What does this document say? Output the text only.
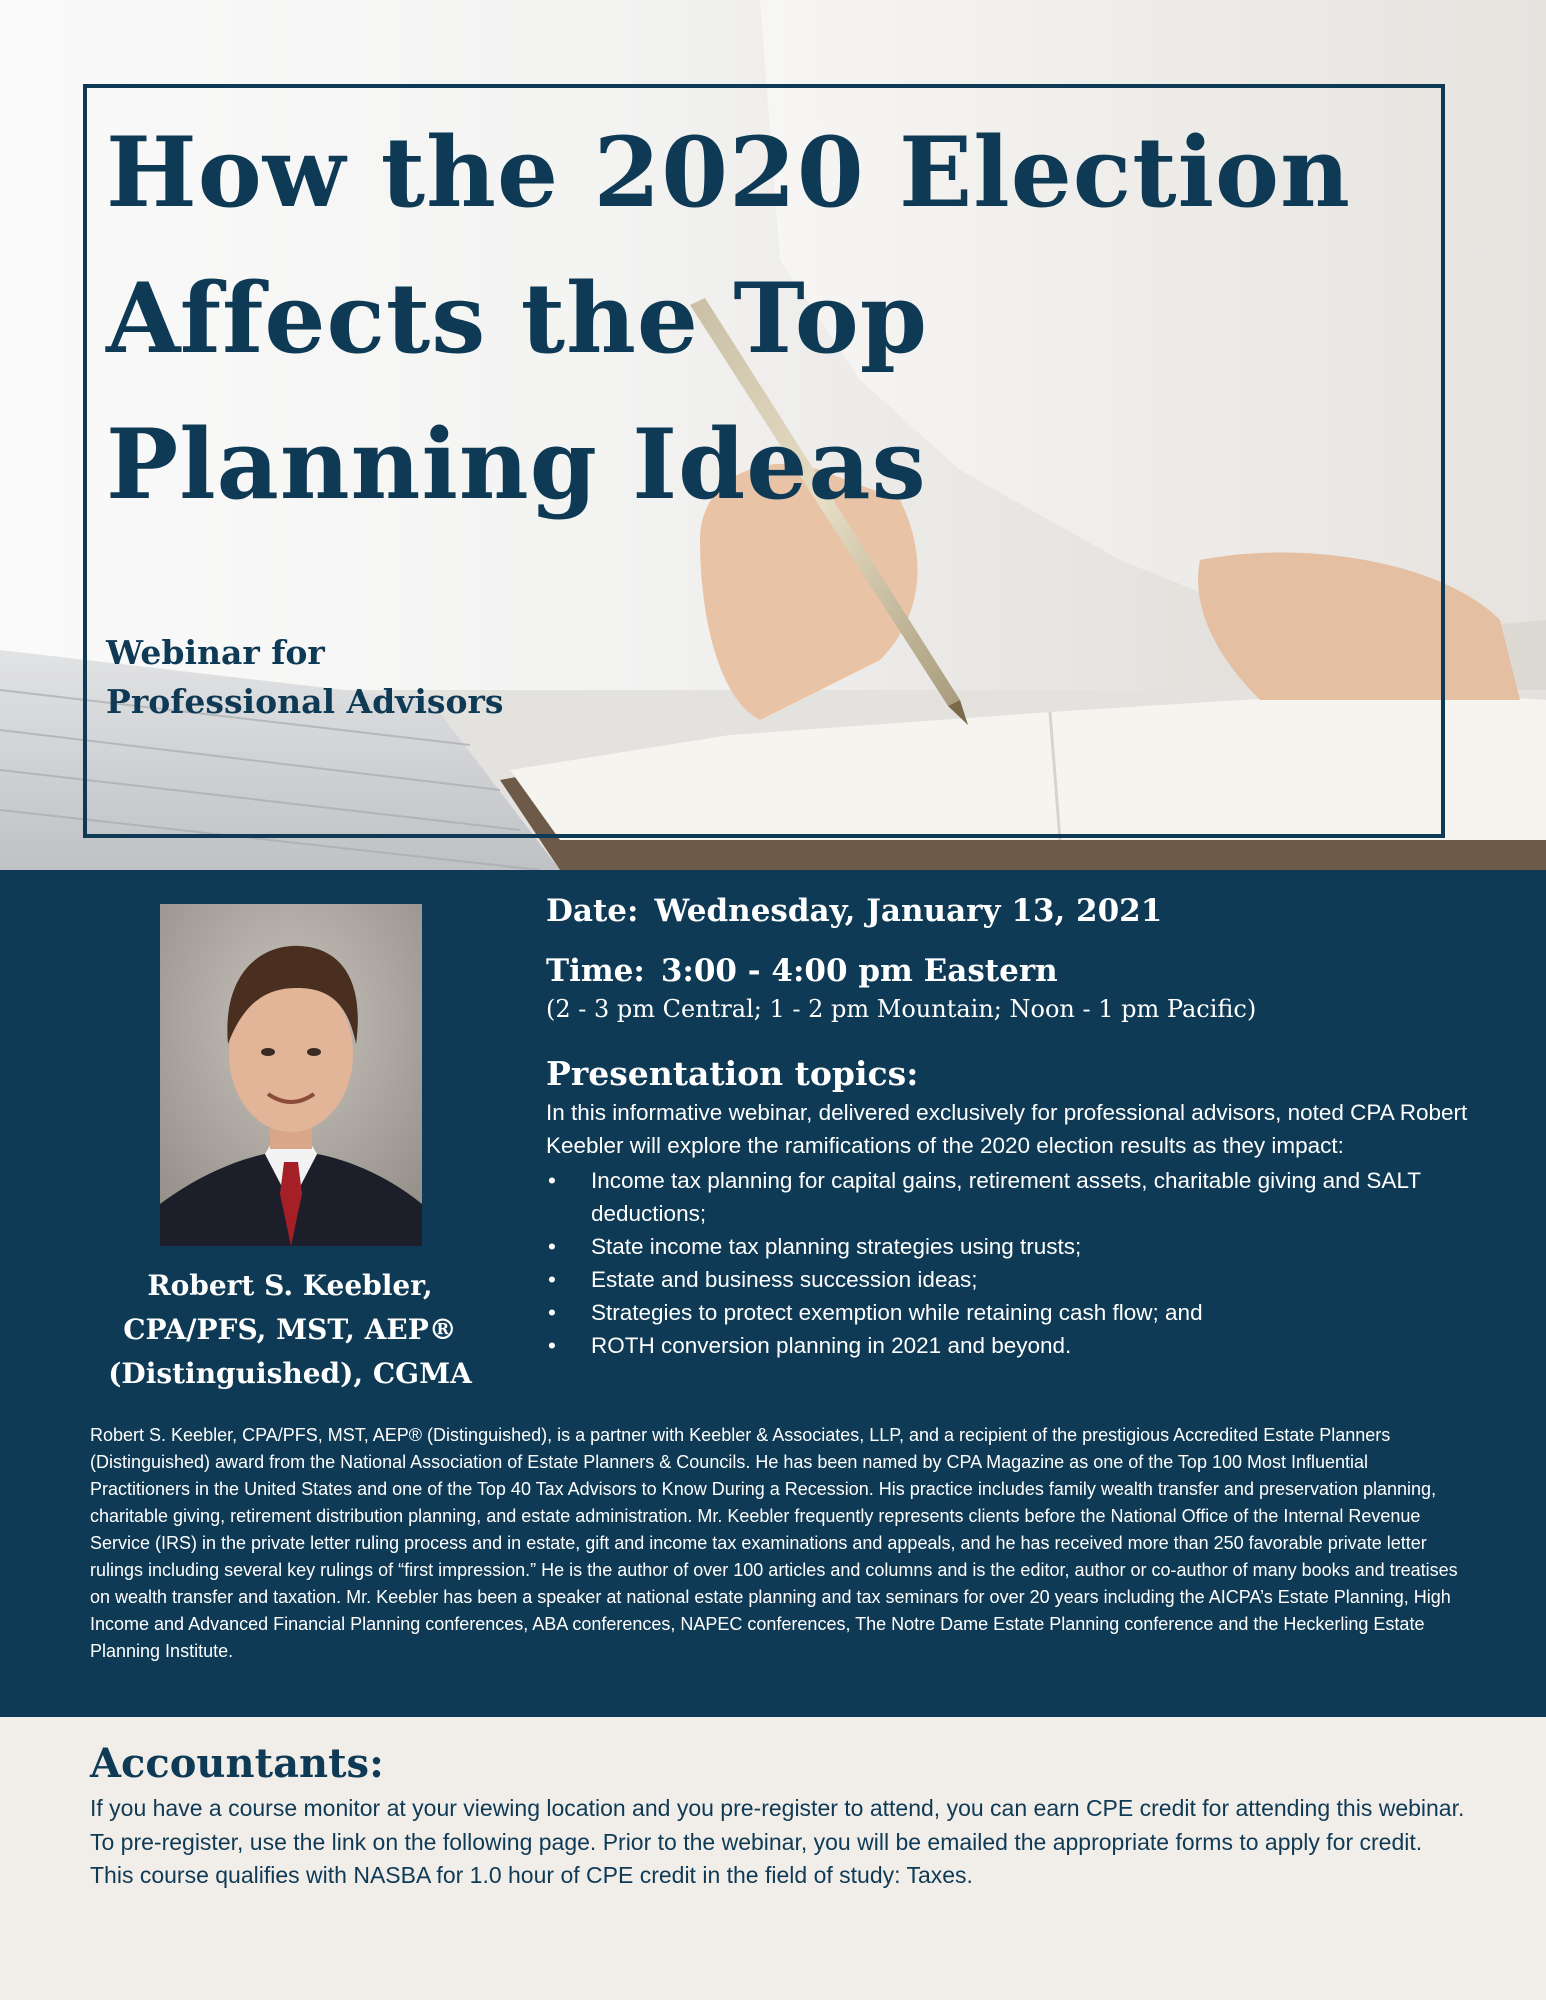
How the 2020 Election
Affects the Top
Planning Ideas

Webinar for
Professional Advisors

Robert S. Keebler,
CPA/PFS, MST, AEP®
(Distinguished), CGMA

Date: Wednesday, January 13, 2021

Time: 3:00 - 4:00 pm Eastern

(2 - 3 pm Central; 1 - 2 pm Mountain; Noon - 1 pm Pacific)

Presentation topics:

In this informative webinar, delivered exclusively for professional advisors, noted CPA Robert Keebler will explore the ramifications of the 2020 election results as they impact:

• Income tax planning for capital gains, retirement assets, charitable giving and SALT deductions;
• State income tax planning strategies using trusts;
• Estate and business succession ideas;
• Strategies to protect exemption while retaining cash flow; and
• ROTH conversion planning in 2021 and beyond.

Robert S. Keebler, CPA/PFS, MST, AEP® (Distinguished), is a partner with Keebler & Associates, LLP, and a recipient of the prestigious Accredited Estate Planners (Distinguished) award from the National Association of Estate Planners & Councils. He has been named by CPA Magazine as one of the Top 100 Most Influential Practitioners in the United States and one of the Top 40 Tax Advisors to Know During a Recession. His practice includes family wealth transfer and preservation planning, charitable giving, retirement distribution planning, and estate administration. Mr. Keebler frequently represents clients before the National Office of the Internal Revenue Service (IRS) in the private letter ruling process and in estate, gift and income tax examinations and appeals, and he has received more than 250 favorable private letter rulings including several key rulings of “first impression.” He is the author of over 100 articles and columns and is the editor, author or co-author of many books and treatises on wealth transfer and taxation. Mr. Keebler has been a speaker at national estate planning and tax seminars for over 20 years including the AICPA’s Estate Planning, High Income and Advanced Financial Planning conferences, ABA conferences, NAPEC conferences, The Notre Dame Estate Planning conference and the Heckerling Estate Planning Institute.

Accountants:

If you have a course monitor at your viewing location and you pre-register to attend, you can earn CPE credit for attending this webinar. To pre-register, use the link on the following page. Prior to the webinar, you will be emailed the appropriate forms to apply for credit. This course qualifies with NASBA for 1.0 hour of CPE credit in the field of study: Taxes.
